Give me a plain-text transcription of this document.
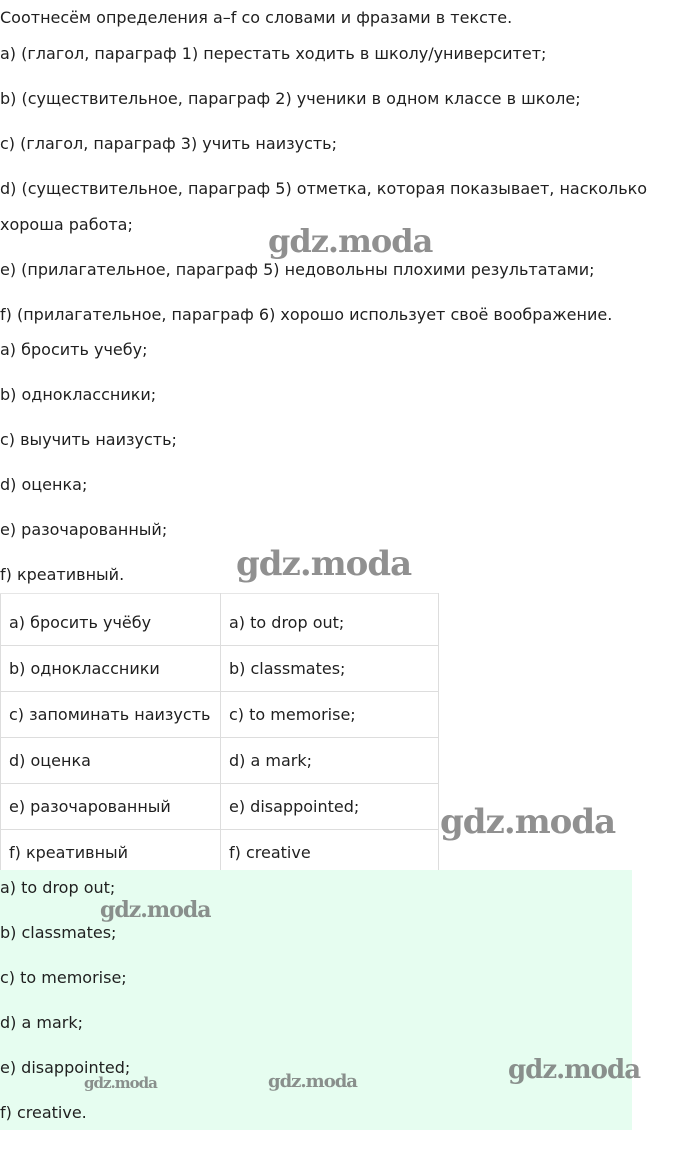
Соотнесём определения a–f со словами и фразами в тексте.
a) (глагол, параграф 1) перестать ходить в школу/университет;
b) (существительное, параграф 2) ученики в одном классе в школе;
c) (глагол, параграф 3) учить наизусть;
d) (существительное, параграф 5) отметка, которая показывает, насколько
хороша работа;
e) (прилагательное, параграф 5) недовольны плохими результатами;
f) (прилагательное, параграф 6) хорошо использует своё воображение.
a) бросить учебу;
b) одноклассники;
c) выучить наизусть;
d) оценка;
e) разочарованный;
f) креативный.
a) бросить учёбу	a) to drop out;
b) одноклассники	b) classmates;
c) запоминать наизусть	c) to memorise;
d) оценка	d) a mark;
e) разочарованный	e) disappointed;
f) креативный	f) creative
a) to drop out;
b) classmates;
c) to memorise;
d) a mark;
e) disappointed;
f) creative.
gdz.moda
gdz.moda
gdz.moda
gdz.moda
gdz.moda
gdz.moda	gdz.moda
